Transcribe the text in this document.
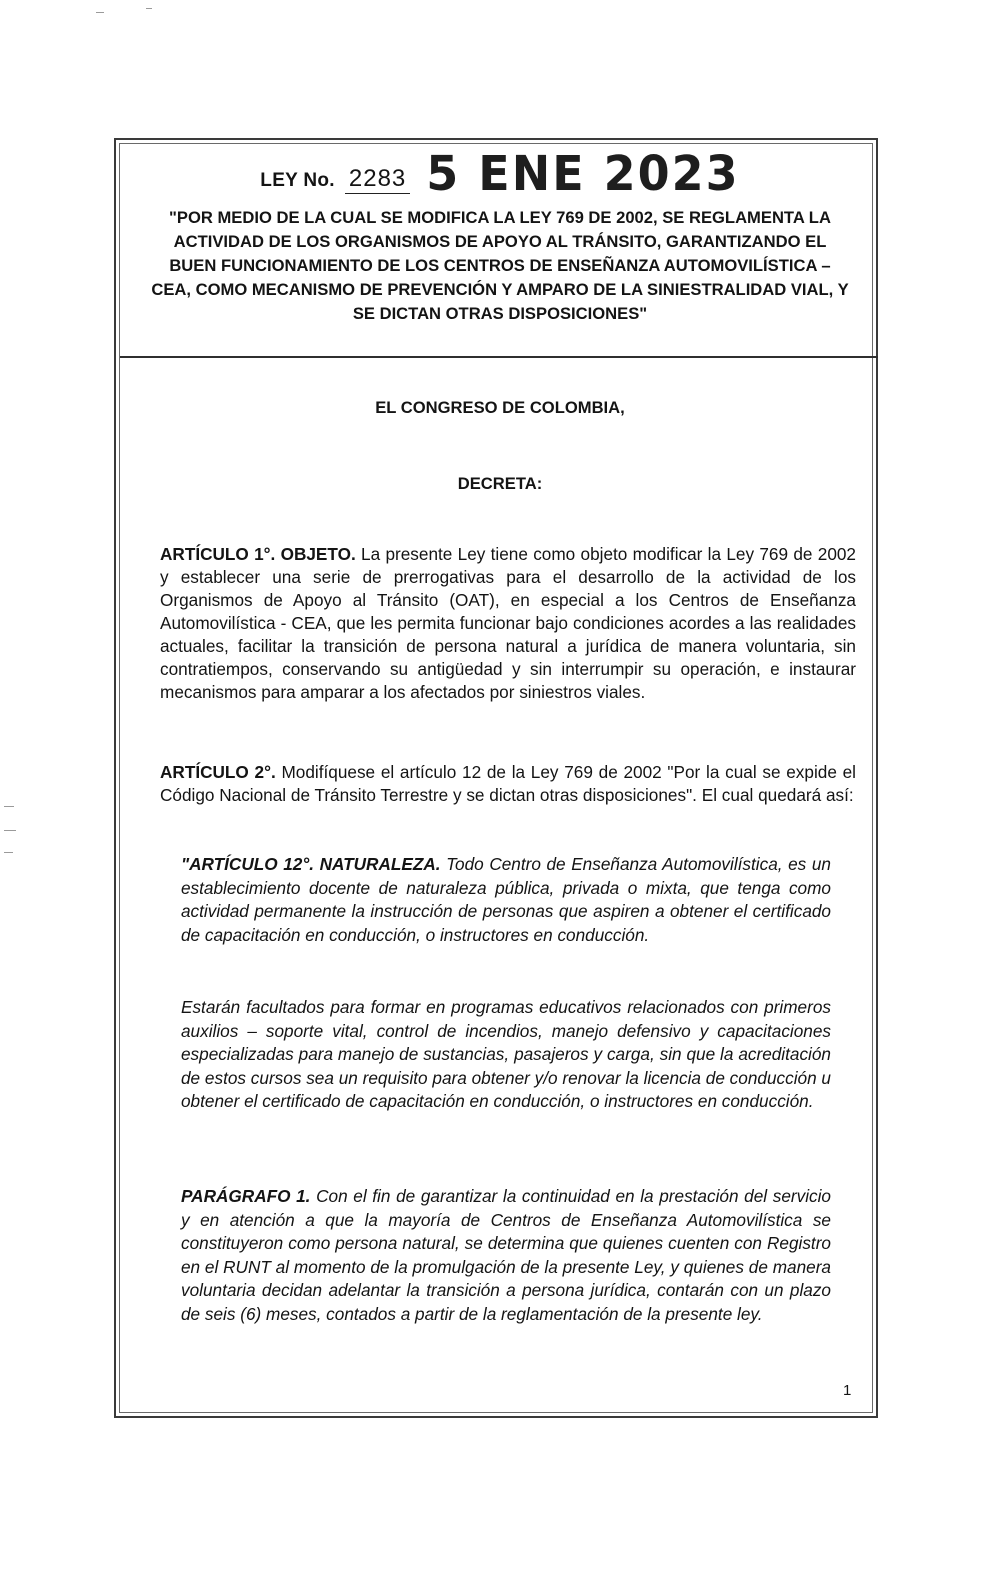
LEY No. 2283 5 ENE 2023

"POR MEDIO DE LA CUAL SE MODIFICA LA LEY 769 DE 2002, SE REGLAMENTA LA ACTIVIDAD DE LOS ORGANISMOS DE APOYO AL TRÁNSITO, GARANTIZANDO EL BUEN FUNCIONAMIENTO DE LOS CENTROS DE ENSEÑANZA AUTOMOVILÍSTICA – CEA, COMO MECANISMO DE PREVENCIÓN Y AMPARO DE LA SINIESTRALIDAD VIAL, Y SE DICTAN OTRAS DISPOSICIONES"

EL CONGRESO DE COLOMBIA,

DECRETA:

ARTÍCULO 1°. OBJETO. La presente Ley tiene como objeto modificar la Ley 769 de 2002 y establecer una serie de prerrogativas para el desarrollo de la actividad de los Organismos de Apoyo al Tránsito (OAT), en especial a los Centros de Enseñanza Automovilística - CEA, que les permita funcionar bajo condiciones acordes a las realidades actuales, facilitar la transición de persona natural a jurídica de manera voluntaria, sin contratiempos, conservando su antigüedad y sin interrumpir su operación, e instaurar mecanismos para amparar a los afectados por siniestros viales.

ARTÍCULO 2°. Modifíquese el artículo 12 de la Ley 769 de 2002 "Por la cual se expide el Código Nacional de Tránsito Terrestre y se dictan otras disposiciones". El cual quedará así:

"ARTÍCULO 12°. NATURALEZA. Todo Centro de Enseñanza Automovilística, es un establecimiento docente de naturaleza pública, privada o mixta, que tenga como actividad permanente la instrucción de personas que aspiren a obtener el certificado de capacitación en conducción, o instructores en conducción.

Estarán facultados para formar en programas educativos relacionados con primeros auxilios – soporte vital, control de incendios, manejo defensivo y capacitaciones especializadas para manejo de sustancias, pasajeros y carga, sin que la acreditación de estos cursos sea un requisito para obtener y/o renovar la licencia de conducción u obtener el certificado de capacitación en conducción, o instructores en conducción.

PARÁGRAFO 1. Con el fin de garantizar la continuidad en la prestación del servicio y en atención a que la mayoría de Centros de Enseñanza Automovilística se constituyeron como persona natural, se determina que quienes cuenten con Registro en el RUNT al momento de la promulgación de la presente Ley, y quienes de manera voluntaria decidan adelantar la transición a persona jurídica, contarán con un plazo de seis (6) meses, contados a partir de la reglamentación de la presente ley.

1
